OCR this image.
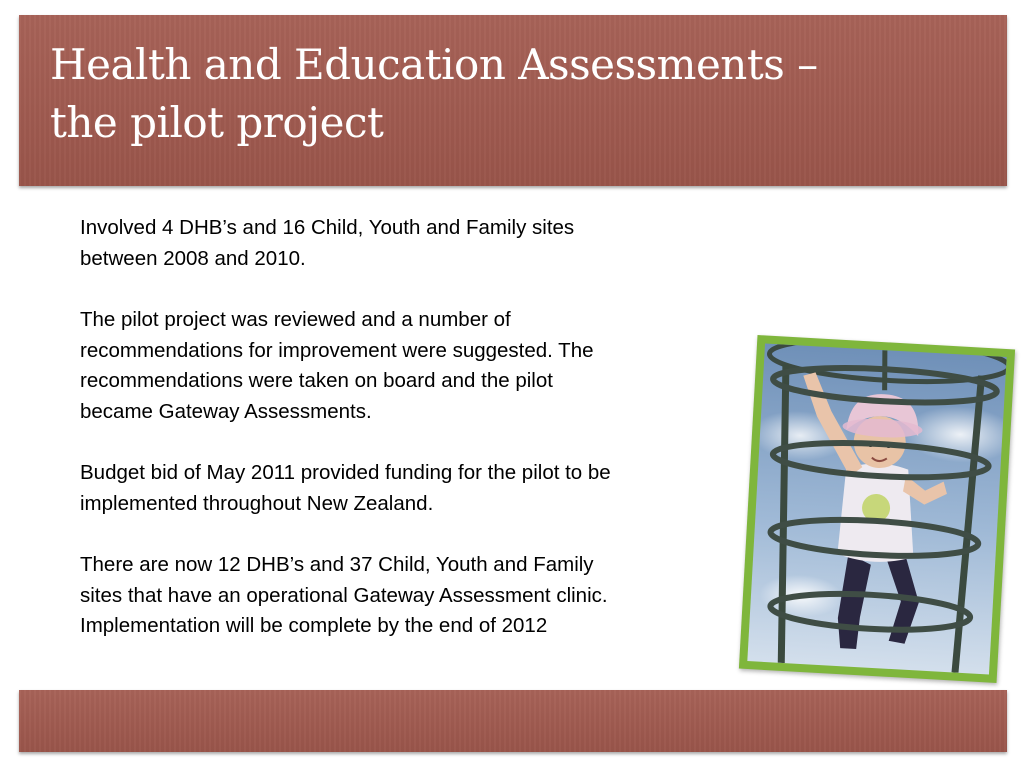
Health and Education Assessments –
the pilot project

Involved 4 DHB’s and 16 Child, Youth and Family sites
between 2008 and 2010.

The pilot project was reviewed and a number of
recommendations for improvement were suggested. The
recommendations were taken on board and the pilot
became Gateway Assessments.

Budget bid of May 2011 provided funding for the pilot to be
implemented throughout New Zealand.

There are now 12 DHB’s and 37 Child, Youth and Family
sites that have an operational Gateway Assessment clinic.
Implementation will be complete by the end of 2012
